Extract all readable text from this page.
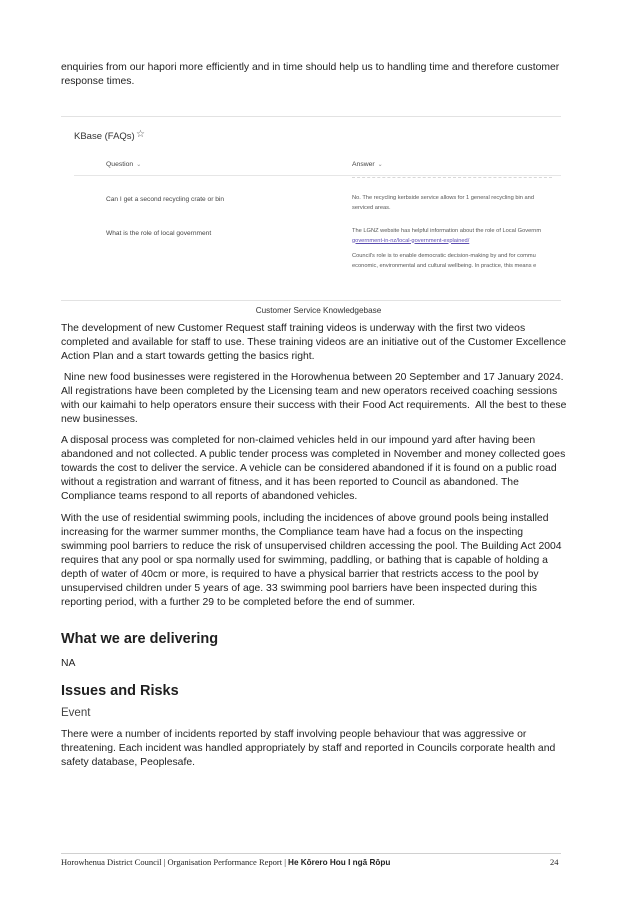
enquiries from our hapori more efficiently and in time should help us to handling time and therefore customer response times.

KBase (FAQs) ☆
Question ⌄	Answer ⌄
Can I get a second recycling crate or bin	No. The recycling kerbside service allows for 1 general recycling bin and
serviced areas.
What is the role of local government	The LGNZ website has helpful information about the role of Local Governm
government-in-nz/local-government-explained/
Council's role is to enable democratic decision-making by and for commu
economic, environmental and cultural wellbeing. In practice, this means e
Customer Service Knowledgebase

The development of new Customer Request staff training videos is underway with the first two videos completed and available for staff to use. These training videos are an initiative out of the Customer Excellence Action Plan and a start towards getting the basics right.

Nine new food businesses were registered in the Horowhenua between 20 September and 17 January 2024.  All registrations have been completed by the Licensing team and new operators received coaching sessions with our kaimahi to help operators ensure their success with their Food Act requirements.  All the best to these new businesses.

A disposal process was completed for non-claimed vehicles held in our impound yard after having been abandoned and not collected. A public tender process was completed in November and money collected goes towards the cost to deliver the service. A vehicle can be considered abandoned if it is found on a public road without a registration and warrant of fitness, and it has been reported to Council as abandoned. The Compliance teams respond to all reports of abandoned vehicles.

With the use of residential swimming pools, including the incidences of above ground pools being installed increasing for the warmer summer months, the Compliance team have had a focus on the inspecting swimming pool barriers to reduce the risk of unsupervised children accessing the pool. The Building Act 2004 requires that any pool or spa normally used for swimming, paddling, or bathing that is capable of holding a depth of water of 40cm or more, is required to have a physical barrier that restricts access to the pool by unsupervised children under 5 years of age. 33 swimming pool barriers have been inspected during this reporting period, with a further 29 to be completed before the end of summer.

What we are delivering

NA

Issues and Risks

Event

There were a number of incidents reported by staff involving people behaviour that was aggressive or threatening. Each incident was handled appropriately by staff and reported in Councils corporate health and safety database, Peoplesafe.

Horowhenua District Council | Organisation Performance Report | He Kōrero Hou I ngā Rōpu	24
